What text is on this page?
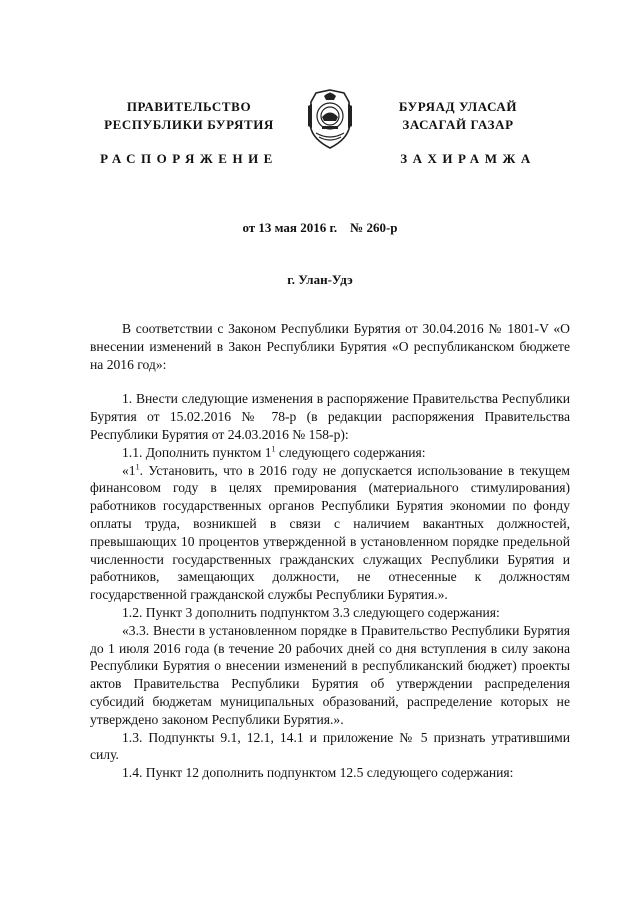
ПРАВИТЕЛЬСТВО
РЕСПУБЛИКИ БУРЯТИЯ
БУРЯАД УЛАСАЙ
ЗАСАГАЙ ГАЗАР
РАСПОРЯЖЕНИЕ	ЗАХИРАМЖА
от 13 мая 2016 г.    № 260-р
г. Улан-Удэ

В соответствии с Законом Республики Бурятия от 30.04.2016 № 1801-V «О внесении изменений в Закон Республики Бурятия «О республиканском бюджете на 2016 год»:

1. Внести следующие изменения в распоряжение Правительства Республики Бурятия от 15.02.2016 № 78-р (в редакции распоряжения Правительства Республики Бурятия от 24.03.2016 № 158-р):

1.1. Дополнить пунктом $1^1$ следующего содержания:

«$1^1$. Установить, что в 2016 году не допускается использование в текущем финансовом году в целях премирования (материального стимулирования) работников государственных органов Республики Бурятия экономии по фонду оплаты труда, возникшей в связи с наличием вакантных должностей, превышающих 10 процентов утвержденной в установленном порядке предельной численности государственных гражданских служащих Республики Бурятия и работников, замещающих должности, не отнесенные к должностям государственной гражданской службы Республики Бурятия.».

1.2. Пункт 3 дополнить подпунктом 3.3 следующего содержания:

«3.3. Внести в установленном порядке в Правительство Республики Бурятия до 1 июля 2016 года (в течение 20 рабочих дней со дня вступления в силу закона Республики Бурятия о внесении изменений в республиканский бюджет) проекты актов Правительства Республики Бурятия об утверждении распределения субсидий бюджетам муниципальных образований, распределение которых не утверждено законом Республики Бурятия.».

1.3. Подпункты 9.1, 12.1, 14.1 и приложение № 5 признать утратившими силу.

1.4. Пункт 12 дополнить подпунктом 12.5 следующего содержания:
